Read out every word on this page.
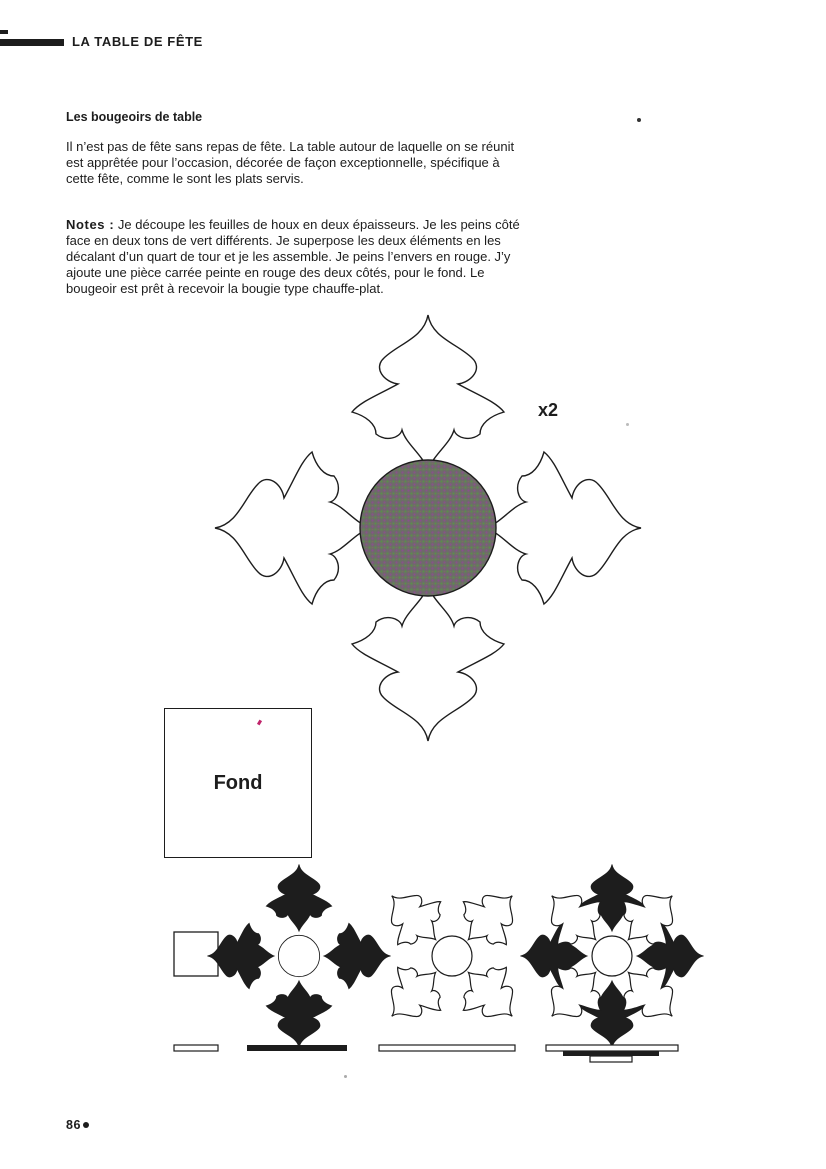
LA TABLE DE FÊTE
Les bougeoirs de table

Il n’est pas de fête sans repas de fête. La table autour de laquelle on se réunit est apprêtée pour l’occasion, décorée de façon exceptionnelle, spécifique à cette fête, comme le sont les plats servis.

Notes : Je découpe les feuilles de houx en deux épaisseurs. Je les peins côté face en deux tons de vert différents. Je superpose les deux éléments en les décalant d’un quart de tour et je les assemble. Je peins l’envers en rouge. J’y ajoute une pièce carrée peinte en rouge des deux côtés, pour le fond. Le bougeoir est prêt à recevoir la bougie type chauffe-plat.

x2
Fond
86
